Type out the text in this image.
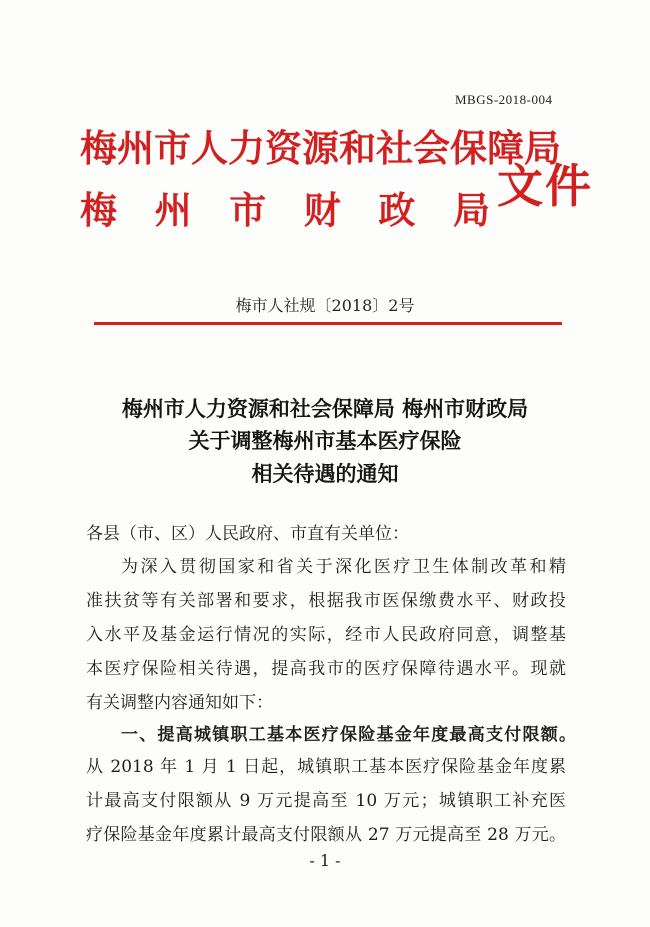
MBGS-2018-004
梅州市人力资源和社会保障局
梅 州 市 财 政 局 文件
梅市人社规〔2018〕2号
梅州市人力资源和社会保障局 梅州市财政局
关于调整梅州市基本医疗保险
相关待遇的通知
各县（市、区）人民政府、市直有关单位：
为深入贯彻国家和省关于深化医疗卫生体制改革和精
准扶贫等有关部署和要求，根据我市医保缴费水平、财政投
入水平及基金运行情况的实际，经市人民政府同意，调整基
本医疗保险相关待遇，提高我市的医疗保障待遇水平。现就
有关调整内容通知如下：
一、提高城镇职工基本医疗保险基金年度最高支付限额。
从 2018 年 1 月 1 日起，城镇职工基本医疗保险基金年度累
计最高支付限额从 9 万元提高至 10 万元；城镇职工补充医
疗保险基金年度累计最高支付限额从 27 万元提高至 28 万元。
- 1 -
